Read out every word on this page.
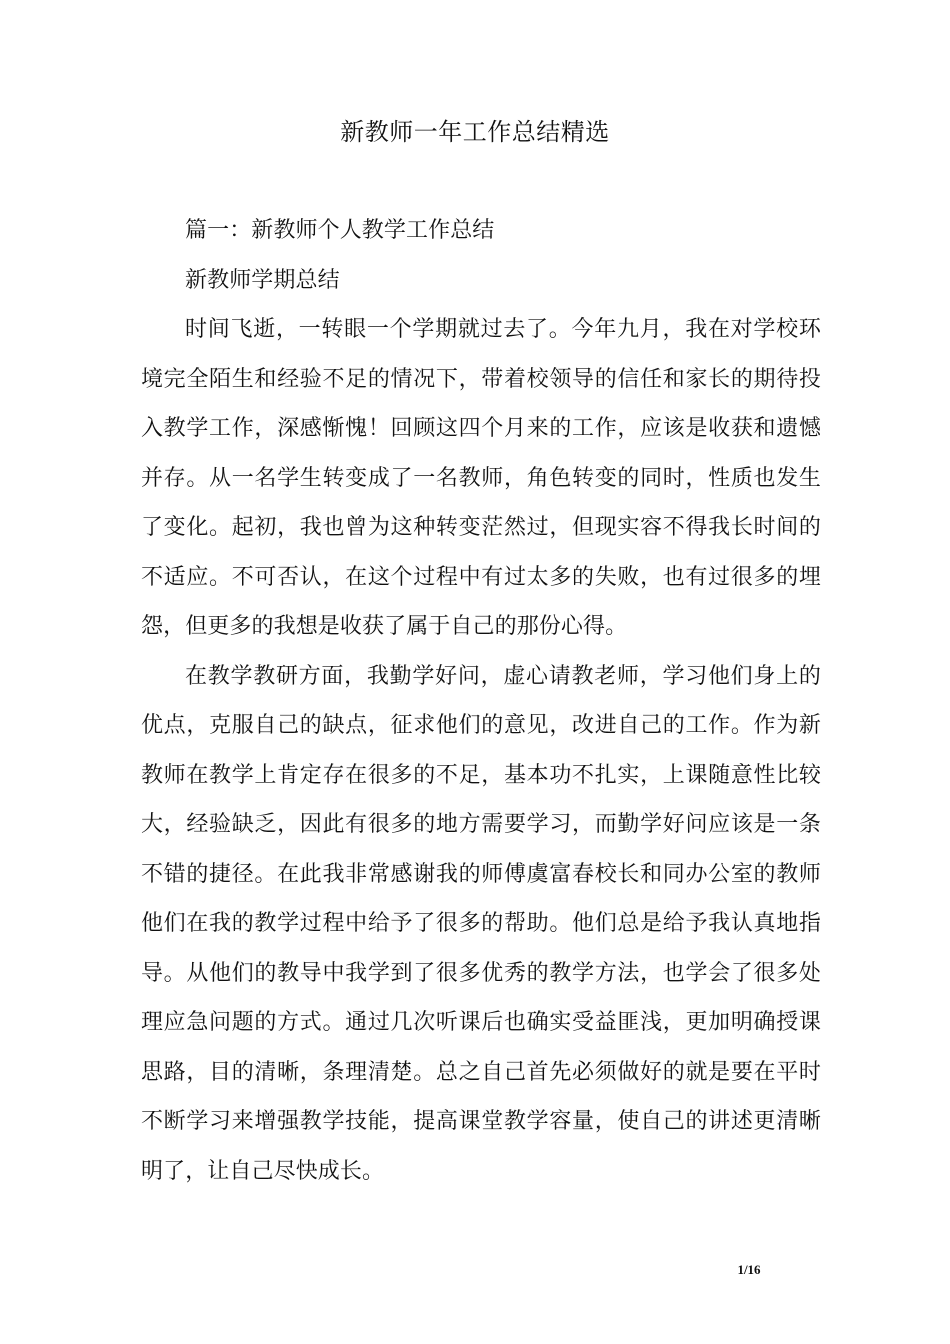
新教师一年工作总结精选

篇一：新教师个人教学工作总结

新教师学期总结

时间飞逝，一转眼一个学期就过去了。今年九月，我在对学校环境完全陌生和经验不足的情况下，带着校领导的信任和家长的期待投入教学工作，深感惭愧！回顾这四个月来的工作，应该是收获和遗憾并存。从一名学生转变成了一名教师，角色转变的同时，性质也发生了变化。起初，我也曾为这种转变茫然过，但现实容不得我长时间的不适应。不可否认，在这个过程中有过太多的失败，也有过很多的埋怨，但更多的我想是收获了属于自己的那份心得。

在教学教研方面，我勤学好问，虚心请教老师，学习他们身上的优点，克服自己的缺点，征求他们的意见，改进自己的工作。作为新教师在教学上肯定存在很多的不足，基本功不扎实，上课随意性比较大，经验缺乏，因此有很多的地方需要学习，而勤学好问应该是一条不错的捷径。在此我非常感谢我的师傅虞富春校长和同办公室的教师他们在我的教学过程中给予了很多的帮助。他们总是给予我认真地指导。从他们的教导中我学到了很多优秀的教学方法，也学会了很多处理应急问题的方式。通过几次听课后也确实受益匪浅，更加明确授课思路，目的清晰，条理清楚。总之自己首先必须做好的就是要在平时不断学习来增强教学技能，提高课堂教学容量，使自己的讲述更清晰明了，让自己尽快成长。

1/16
